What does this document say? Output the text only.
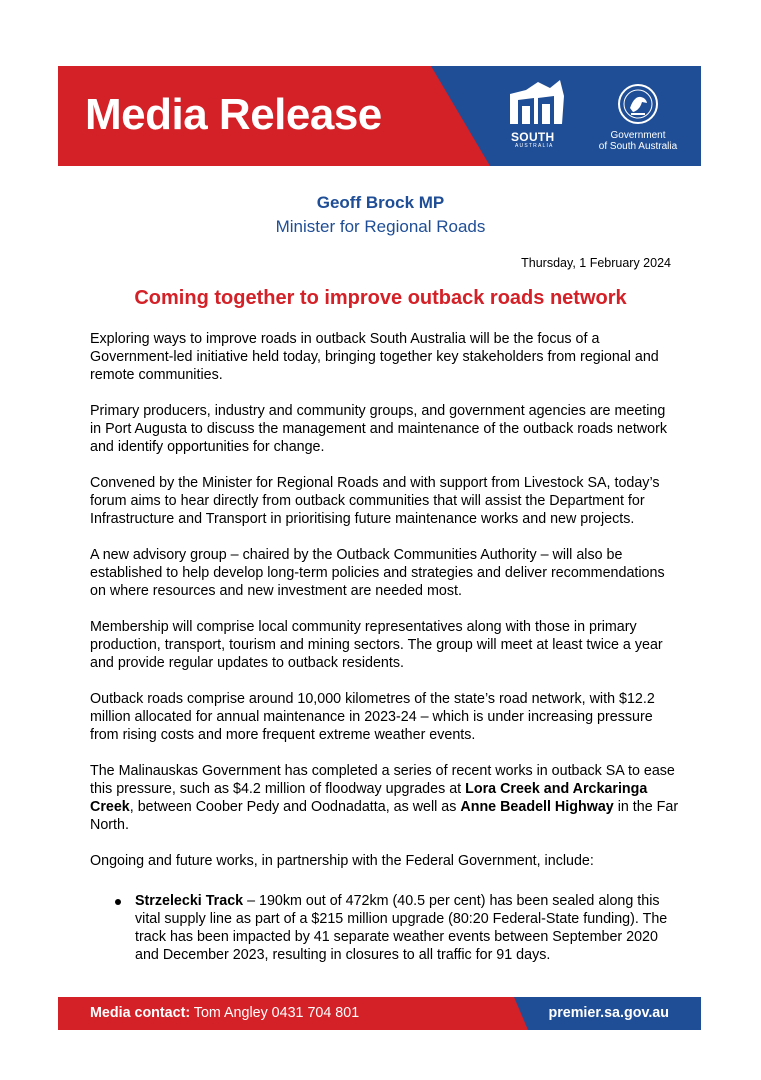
Media Release	SOUTH
AUSTRALIA
Government
of South Australia
Geoff Brock MP
Minister for Regional Roads
Thursday, 1 February 2024
Coming together to improve outback roads network

Exploring ways to improve roads in outback South Australia will be the focus of a Government-led initiative held today, bringing together key stakeholders from regional and remote communities.

Primary producers, industry and community groups, and government agencies are meeting in Port Augusta to discuss the management and maintenance of the outback roads network and identify opportunities for change.

Convened by the Minister for Regional Roads and with support from Livestock SA, today’s forum aims to hear directly from outback communities that will assist the Department for Infrastructure and Transport in prioritising future maintenance works and new projects.

A new advisory group – chaired by the Outback Communities Authority – will also be established to help develop long-term policies and strategies and deliver recommendations on where resources and new investment are needed most.

Membership will comprise local community representatives along with those in primary production, transport, tourism and mining sectors. The group will meet at least twice a year and provide regular updates to outback residents.

Outback roads comprise around 10,000 kilometres of the state’s road network, with $12.2 million allocated for annual maintenance in 2023-24 – which is under increasing pressure from rising costs and more frequent extreme weather events.

The Malinauskas Government has completed a series of recent works in outback SA to ease this pressure, such as $4.2 million of floodway upgrades at Lora Creek and Arckaringa Creek, between Coober Pedy and Oodnadatta, as well as Anne Beadell Highway in the Far North.

Ongoing and future works, in partnership with the Federal Government, include:

Strzelecki Track – 190km out of 472km (40.5 per cent) has been sealed along this vital supply line as part of a $215 million upgrade (80:20 Federal-State funding). The track has been impacted by 41 separate weather events between September 2020 and December 2023, resulting in closures to all traffic for 91 days.
Media contact: Tom Angley 0431 704 801	premier.sa.gov.au
